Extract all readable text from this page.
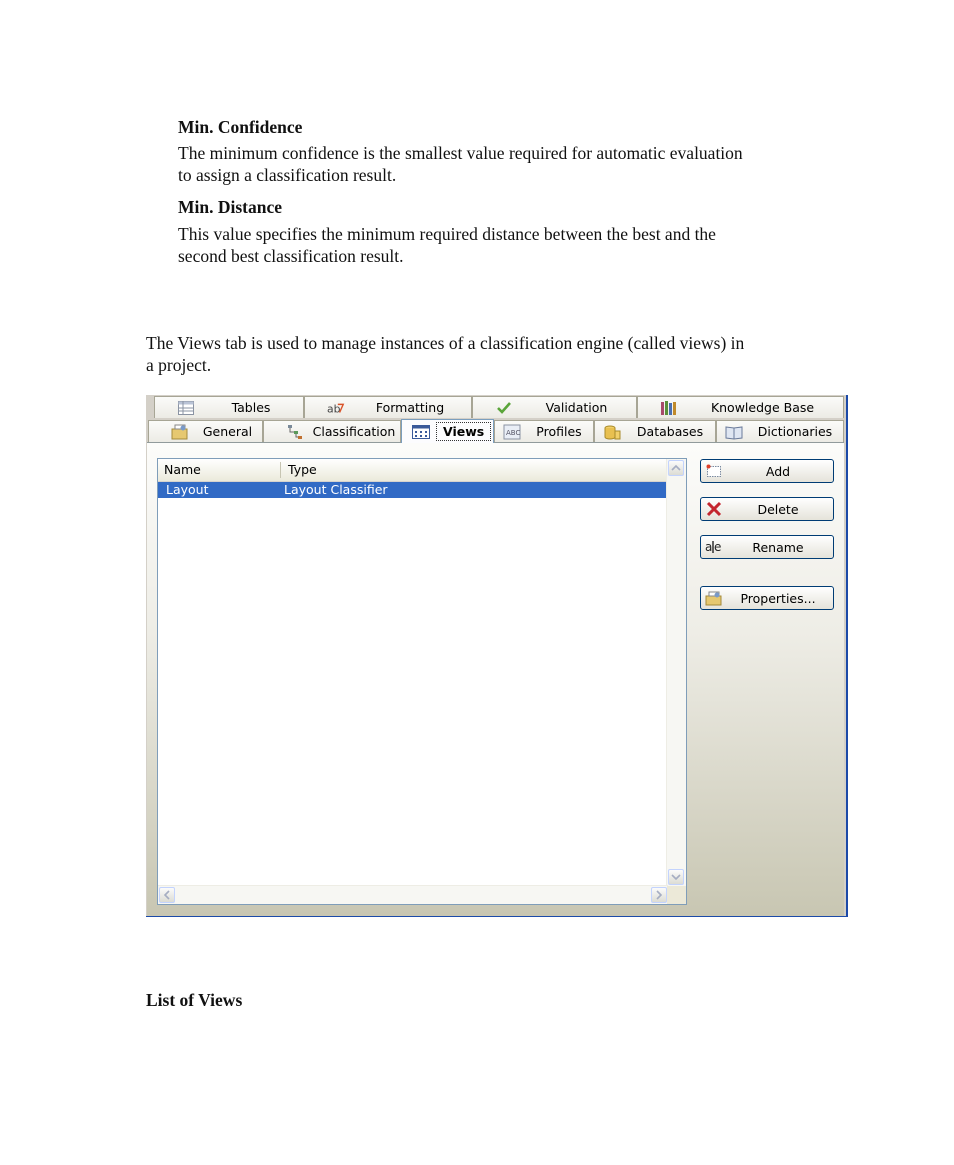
Min. Confidence
The minimum confidence is the smallest value required for automatic evaluation
to assign a classification result.
Min. Distance
This value specifies the minimum required distance between the best and the
second best classification result.
The Views tab is used to manage instances of a classification engine (called views) in
a project.
List of Views
Tables	ab	Formatting	Validation	Knowledge Base
General	Classification	Views	ABC	Profiles	Databases	Dictionaries
Name	Type
Layout	Layout Classifier
Add
Delete
a e	Rename
Properties...
